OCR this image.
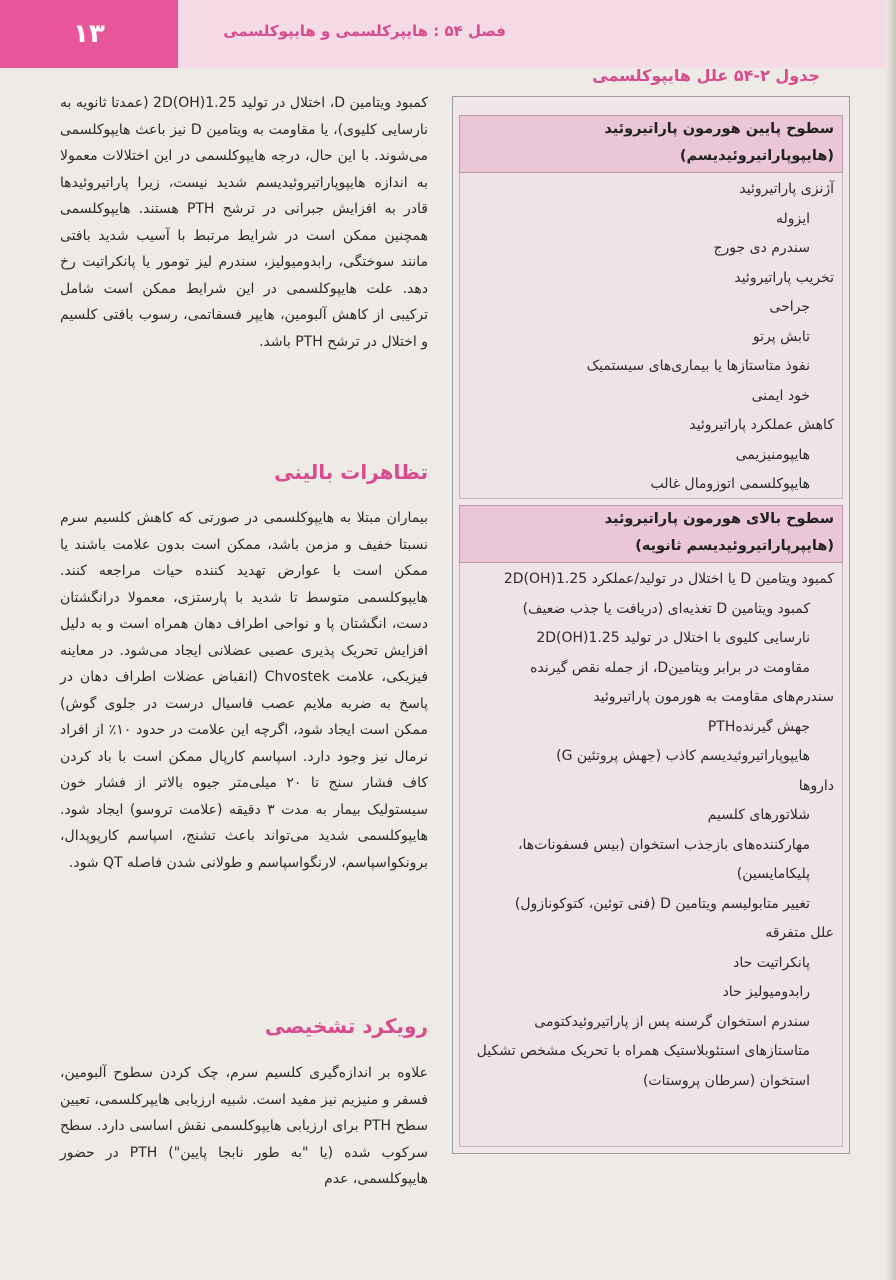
۱۳	فصل ۵۴ : هایپرکلسمی و هایپوکلسمی
کمبود ویتامین D، اختلال در تولید 1.25(OH)2D (عمدتا ثانویه به نارسایی کلیوی)، یا مقاومت به ویتامین D نیز باعث هایپوکلسمی می‌شوند. با این حال، درجه هایپوکلسمی در این اختلالات معمولا به اندازه هایپوپاراتیروئیدیسم شدید نیست، زیرا پاراتیروئیدها قادر به افزایش جبرانی در ترشح PTH هستند. هایپوکلسمی همچنین ممکن است در شرایط مرتبط با آسیب شدید بافتی مانند سوختگی، رابدومیولیز، سندرم لیز تومور یا پانکراتیت رخ دهد. علت هایپوکلسمی در این شرایط ممکن است شامل ترکیبی از کاهش آلبومین، هایپر فسفاتمی، رسوب بافتی کلسیم و اختلال در ترشح PTH باشد.
تظاهرات بالینی
بیماران مبتلا به هایپوکلسمی در صورتی که کاهش کلسیم سرم نسبتا خفیف و مزمن باشد، ممکن است بدون علامت باشند یا ممکن است با عوارض تهدید کننده حیات مراجعه کنند. هایپوکلسمی متوسط تا شدید با پارستزی، معمولا درانگشتان دست، انگشتان پا و نواحی اطراف دهان همراه است و به دلیل افزایش تحریک پذیری عصبی عضلانی ایجاد می‌شود. در معاینه فیزیکی، علامت Chvostek (انقباض عضلات اطراف دهان در پاسخ به ضربه ملایم عصب فاسیال درست در جلوی گوش) ممکن است ایجاد شود، اگرچه این علامت در حدود ۱۰٪ از افراد نرمال نیز وجود دارد. اسپاسم کارپال ممکن است با باد کردن کاف فشار سنج تا ۲۰ میلی‌متر جیوه بالاتر از فشار خون سیستولیک بیمار به مدت ۳ دقیقه (علامت تروسو) ایجاد شود. هایپوکلسمی شدید می‌تواند باعث تشنج، اسپاسم کارپوپدال، برونکواسپاسم، لارنگواسپاسم و طولانی شدن فاصله QT شود.
رویکرد تشخیصی
علاوه بر اندازه‌گیری کلسیم سرم، چک کردن سطوح آلبومین، فسفر و منیزیم نیز مفید است. شبیه ارزیابی هایپرکلسمی، تعیین سطح PTH برای ارزیابی هایپوکلسمی نقش اساسی دارد. سطح سرکوب شده (یا "به طور نابجا پایین") PTH در حضور هایپوکلسمی، عدم
جدول ۲-۵۴ علل هایپوکلسمی
سطوح پایین هورمون پاراتیروئید (هایپوپاراتیروئیدیسم)
آژنزی پاراتیروئید
ایزوله
سندرم دی جورج
تخریب پاراتیروئید
جراحی
تابش پرتو
نفوذ متاستازها یا بیماری‌های سیستمیک
خود ایمنی
کاهش عملکرد پاراتیروئید
هایپومنیزیمی
هایپوکلسمی اتوزومال غالب
سطوح بالای هورمون پاراتیروئید (هایپرپاراتیروئیدیسم ثانویه)
کمبود ویتامین D یا اختلال در تولید/عملکرد 1.25(OH)2D
کمبود ویتامین D تغذیه‌ای (دریافت یا جذب ضعیف)
نارسایی کلیوی با اختلال در تولید 1.25(OH)2D
مقاومت در برابر ویتامینD، از جمله نقص گیرنده
سندرم‌های مقاومت به هورمون پاراتیروئید
جهش گیرندهPTH
هایپوپاراتیروئیدیسم کاذب (جهش پروتئین G)
داروها
شلاتورهای کلسیم
مهارکننده‌های بازجذب استخوان (بیس فسفونات‌ها، پلیکامایسین)
تغییر متابولیسم ویتامین D (فنی توئین، کتوکونازول)
علل متفرقه
پانکراتیت حاد
رابدومیولیز حاد
سندرم استخوان گرسنه پس از پاراتیروئیدکتومی
متاستازهای استئوبلاستیک همراه با تحریک مشخص تشکیل استخوان (سرطان پروستات)
